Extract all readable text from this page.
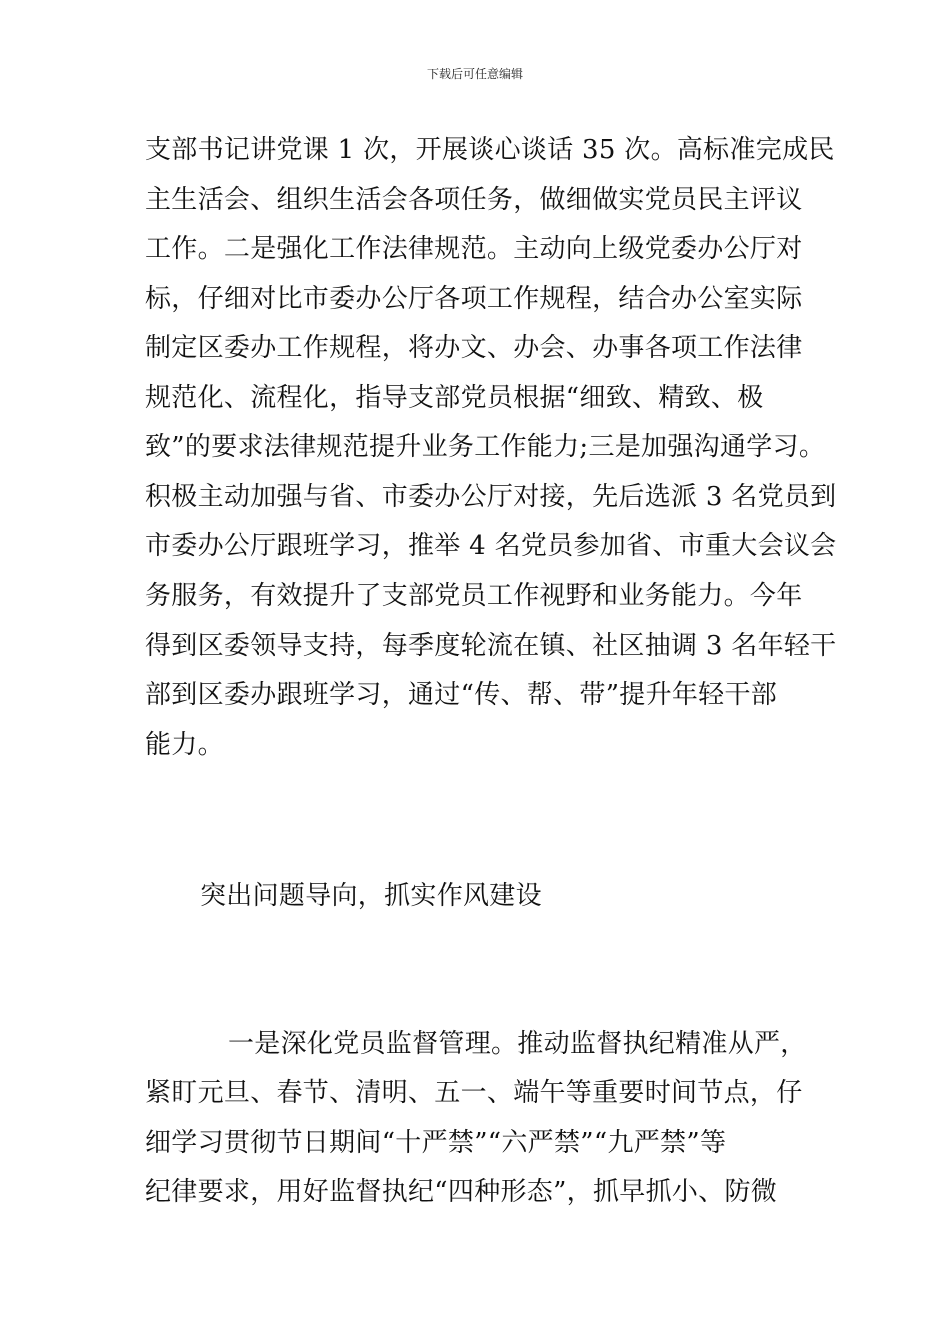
下载后可任意编辑
支部书记讲党课 1 次，开展谈心谈话 35 次。高标准完成民
主生活会、组织生活会各项任务，做细做实党员民主评议
工作。二是强化工作法律规范。主动向上级党委办公厅对
标，仔细对比市委办公厅各项工作规程，结合办公室实际
制定区委办工作规程，将办文、办会、办事各项工作法律
规范化、流程化，指导支部党员根据“细致、精致、极
致”的要求法律规范提升业务工作能力;三是加强沟通学习。
积极主动加强与省、市委办公厅对接，先后选派 3 名党员到
市委办公厅跟班学习，推举 4 名党员参加省、市重大会议会
务服务，有效提升了支部党员工作视野和业务能力。今年
得到区委领导支持，每季度轮流在镇、社区抽调 3 名年轻干
部到区委办跟班学习，通过“传、帮、带”提升年轻干部
能力。
突出问题导向，抓实作风建设
一是深化党员监督管理。推动监督执纪精准从严，
紧盯元旦、春节、清明、五一、端午等重要时间节点，仔
细学习贯彻节日期间“十严禁”“六严禁”“九严禁”等
纪律要求，用好监督执纪“四种形态”，抓早抓小、防微
